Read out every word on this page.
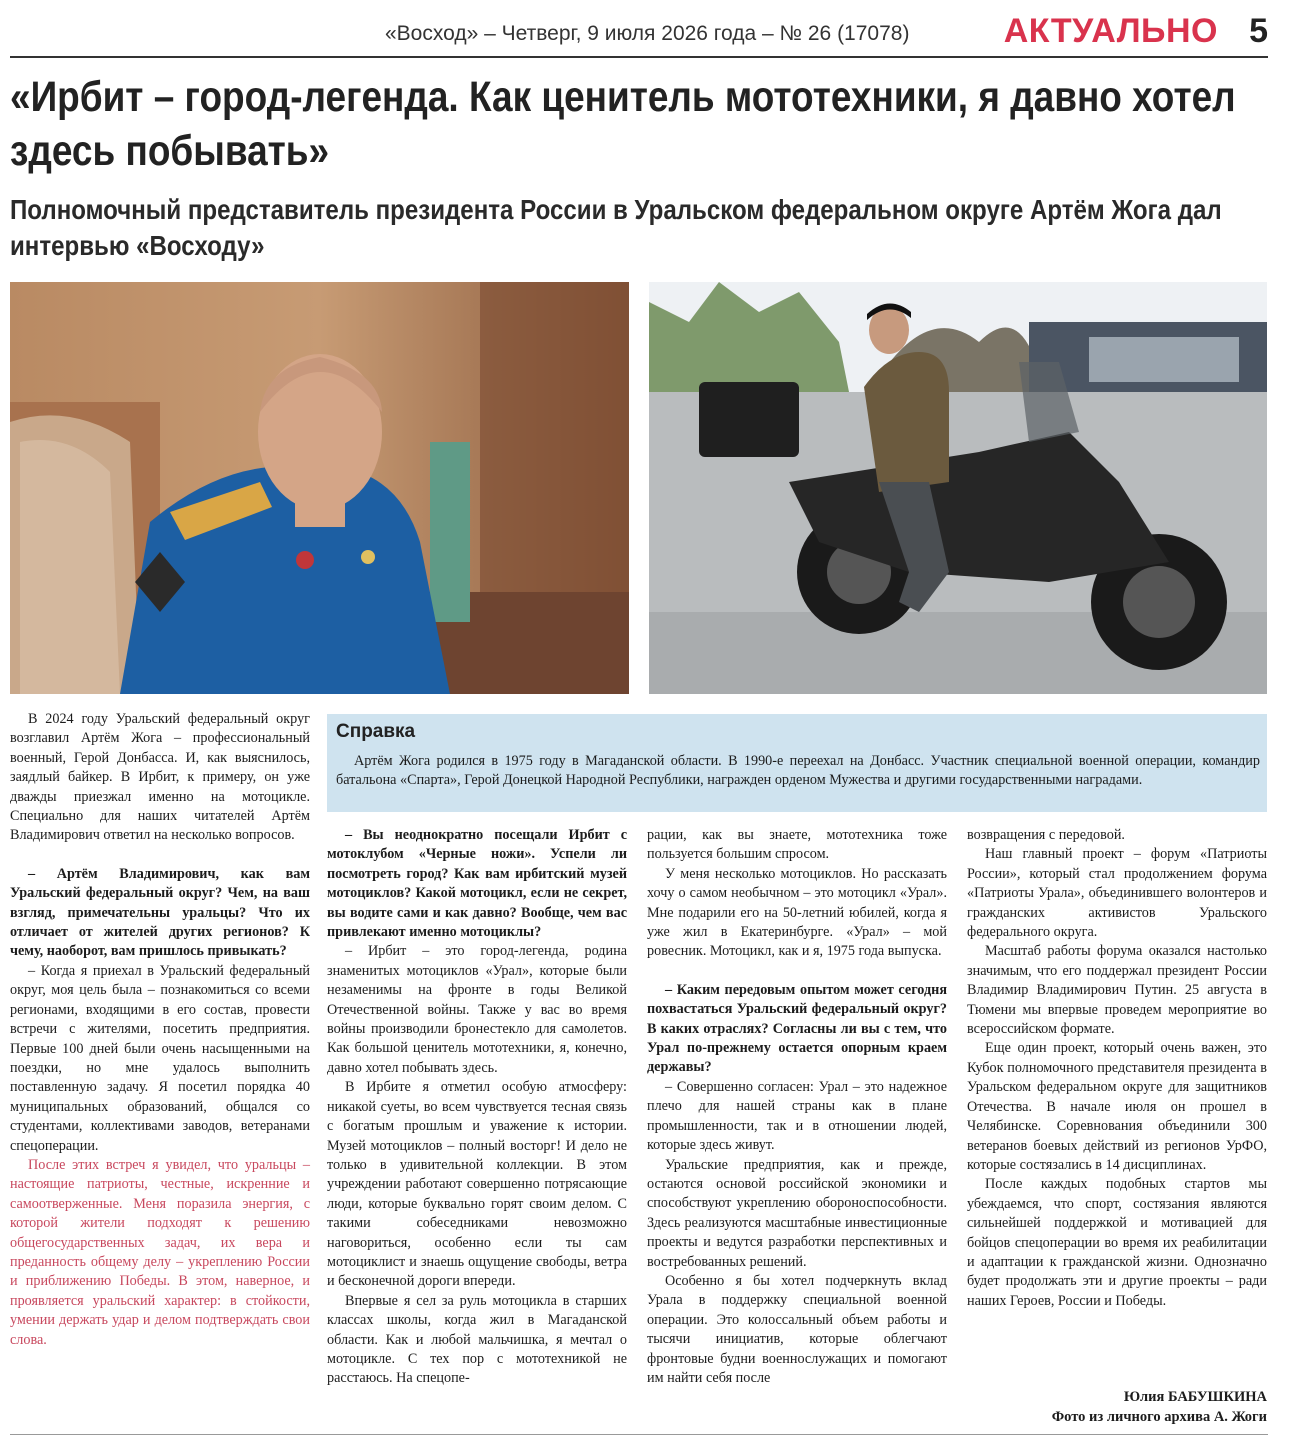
«Восход» – Четверг, 9 июля 2026 года – № 26 (17078)	АКТУАЛЬНО 5
«Ирбит – город-легенда. Как ценитель мототехники, я давно хотел здесь побывать»
Полномочный представитель президента России в Уральском федеральном округе Артём Жога дал интервью «Восходу»

В 2024 году Уральский федеральный округ возглавил Артём Жога – профессиональный военный, Герой Донбасса. И, как выяснилось, заядлый байкер. В Ирбит, к примеру, он уже дважды приезжал именно на мотоцикле. Специально для наших читателей Артём Владимирович ответил на несколько вопросов.

– Артём Владимирович, как вам Уральский федеральный округ? Чем, на ваш взгляд, примечательны уральцы? Что их отличает от жителей других регионов? К чему, наоборот, вам пришлось привыкать?

– Когда я приехал в Уральский федеральный округ, моя цель была – познакомиться со всеми регионами, входящими в его состав, провести встречи с жителями, посетить предприятия. Первые 100 дней были очень насыщенными на поездки, но мне удалось выполнить поставленную задачу. Я посетил порядка 40 муниципальных образований, общался со студентами, коллективами заводов, ветеранами спецоперации.

После этих встреч я увидел, что уральцы – настоящие патриоты, честные, искренние и самоотверженные. Меня поразила энергия, с которой жители подходят к решению общегосударственных задач, их вера и преданность общему делу – укреплению России и приближению Победы. В этом, наверное, и проявляется уральский характер: в стойкости, умении держать удар и делом подтверждать свои слова.

Справка

Артём Жога родился в 1975 году в Магаданской области. В 1990-е переехал на Донбасс. Участник специальной военной операции, командир батальона «Спарта», Герой Донецкой Народной Республики, награжден орденом Мужества и другими государственными наградами.

– Вы неоднократно посещали Ирбит с мотоклубом «Черные ножи». Успели ли посмотреть город? Как вам ирбитский музей мотоциклов? Какой мотоцикл, если не секрет, вы водите сами и как давно? Вообще, чем вас привлекают именно мотоциклы?

– Ирбит – это город-легенда, родина знаменитых мотоциклов «Урал», которые были незаменимы на фронте в годы Великой Отечественной войны. Также у вас во время войны производили бронестекло для самолетов. Как большой ценитель мототехники, я, конечно, давно хотел побывать здесь.

В Ирбите я отметил особую атмосферу: никакой суеты, во всем чувствуется тесная связь с богатым прошлым и уважение к истории. Музей мотоциклов – полный восторг! И дело не только в удивительной коллекции. В этом учреждении работают совершенно потрясающие люди, которые буквально горят своим делом. С такими собеседниками невозможно наговориться, особенно если ты сам мотоциклист и знаешь ощущение свободы, ветра и бесконечной дороги впереди.

Впервые я сел за руль мотоцикла в старших классах школы, когда жил в Магаданской области. Как и любой мальчишка, я мечтал о мотоцикле. С тех пор с мототехникой не расстаюсь. На спецопе-

рации, как вы знаете, мототехника тоже пользуется большим спросом.

У меня несколько мотоциклов. Но рассказать хочу о самом необычном – это мотоцикл «Урал». Мне подарили его на 50-летний юбилей, когда я уже жил в Екатеринбурге. «Урал» – мой ровесник. Мотоцикл, как и я, 1975 года выпуска.

– Каким передовым опытом может сегодня похвастаться Уральский федеральный округ? В каких отраслях? Согласны ли вы с тем, что Урал по-прежнему остается опорным краем державы?

– Совершенно согласен: Урал – это надежное плечо для нашей страны как в плане промышленности, так и в отношении людей, которые здесь живут.

Уральские предприятия, как и прежде, остаются основой российской экономики и способствуют укреплению обороноспособности. Здесь реализуются масштабные инвестиционные проекты и ведутся разработки перспективных и востребованных решений.

Особенно я бы хотел подчеркнуть вклад Урала в поддержку специальной военной операции. Это колоссальный объем работы и тысячи инициатив, которые облегчают фронтовые будни военнослужащих и помогают им найти себя после

возвращения с передовой.

Наш главный проект – форум «Патриоты России», который стал продолжением форума «Патриоты Урала», объединившего волонтеров и гражданских активистов Уральского федерального округа.

Масштаб работы форума оказался настолько значимым, что его поддержал президент России Владимир Владимирович Путин. 25 августа в Тюмени мы впервые проведем мероприятие во всероссийском формате.

Еще один проект, который очень важен, это Кубок полномочного представителя президента в Уральском федеральном округе для защитников Отечества. В начале июля он прошел в Челябинске. Соревнования объединили 300 ветеранов боевых действий из регионов УрФО, которые состязались в 14 дисциплинах.

После каждых подобных стартов мы убеждаемся, что спорт, состязания являются сильнейшей поддержкой и мотивацией для бойцов спецоперации во время их реабилитации и адаптации к гражданской жизни. Однозначно будет продолжать эти и другие проекты – ради наших Героев, России и Победы.

Юлия БАБУШКИНА
Фото из личного архива А. Жоги
